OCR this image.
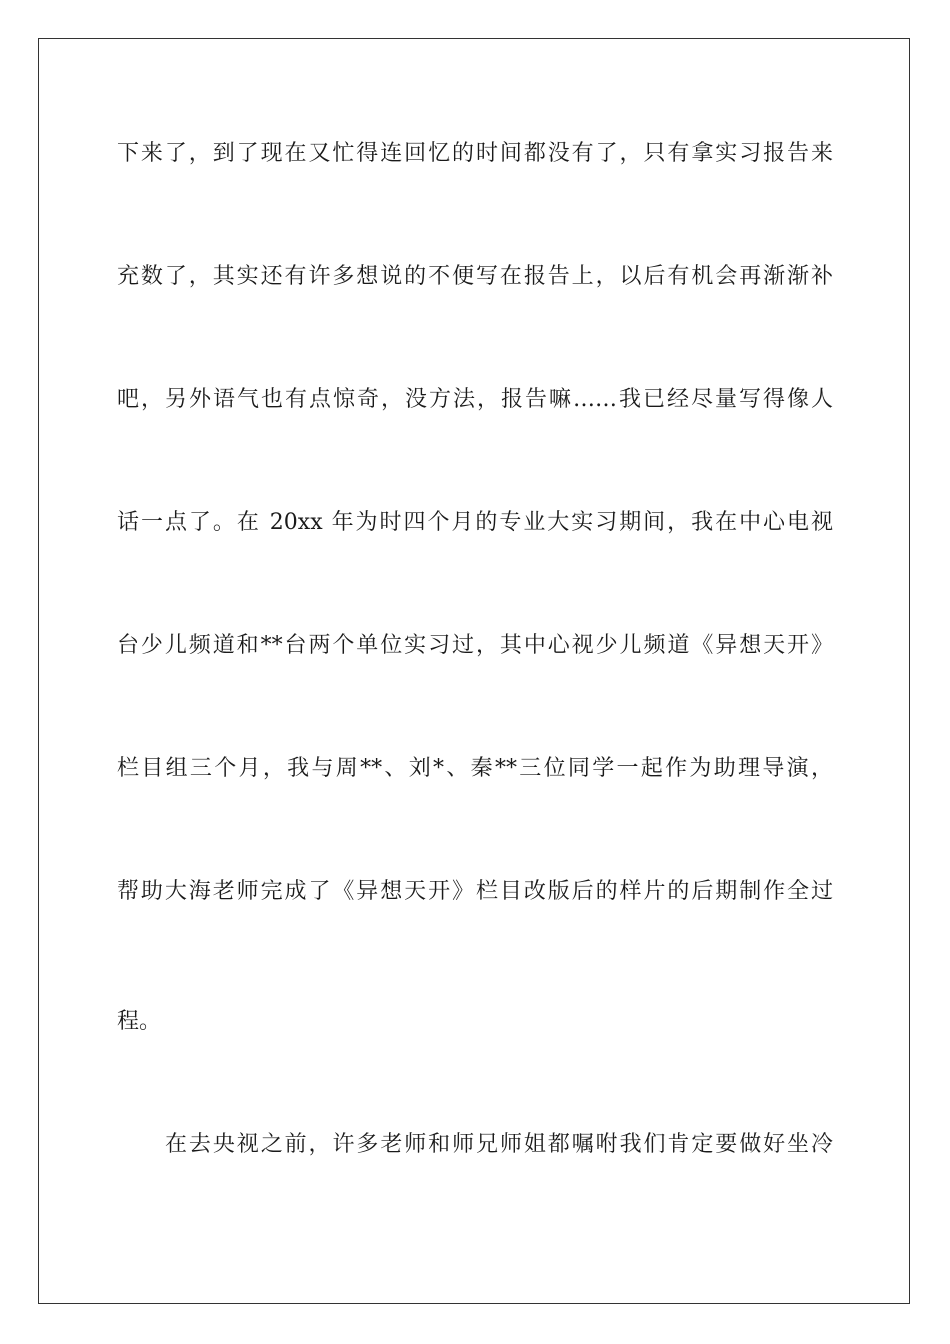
下来了，到了现在又忙得连回忆的时间都没有了，只有拿实习报告来
充数了，其实还有许多想说的不便写在报告上，以后有机会再渐渐补
吧，另外语气也有点惊奇，没方法，报告嘛……我已经尽量写得像人
话一点了。在 20xx 年为时四个月的专业大实习期间，我在中心电视
台少儿频道和**台两个单位实习过，其中心视少儿频道《异想天开》
栏目组三个月，我与周**、刘*、秦**三位同学一起作为助理导演，
帮助大海老师完成了《异想天开》栏目改版后的样片的后期制作全过
程。
在去央视之前，许多老师和师兄师姐都嘱咐我们肯定要做好坐冷
